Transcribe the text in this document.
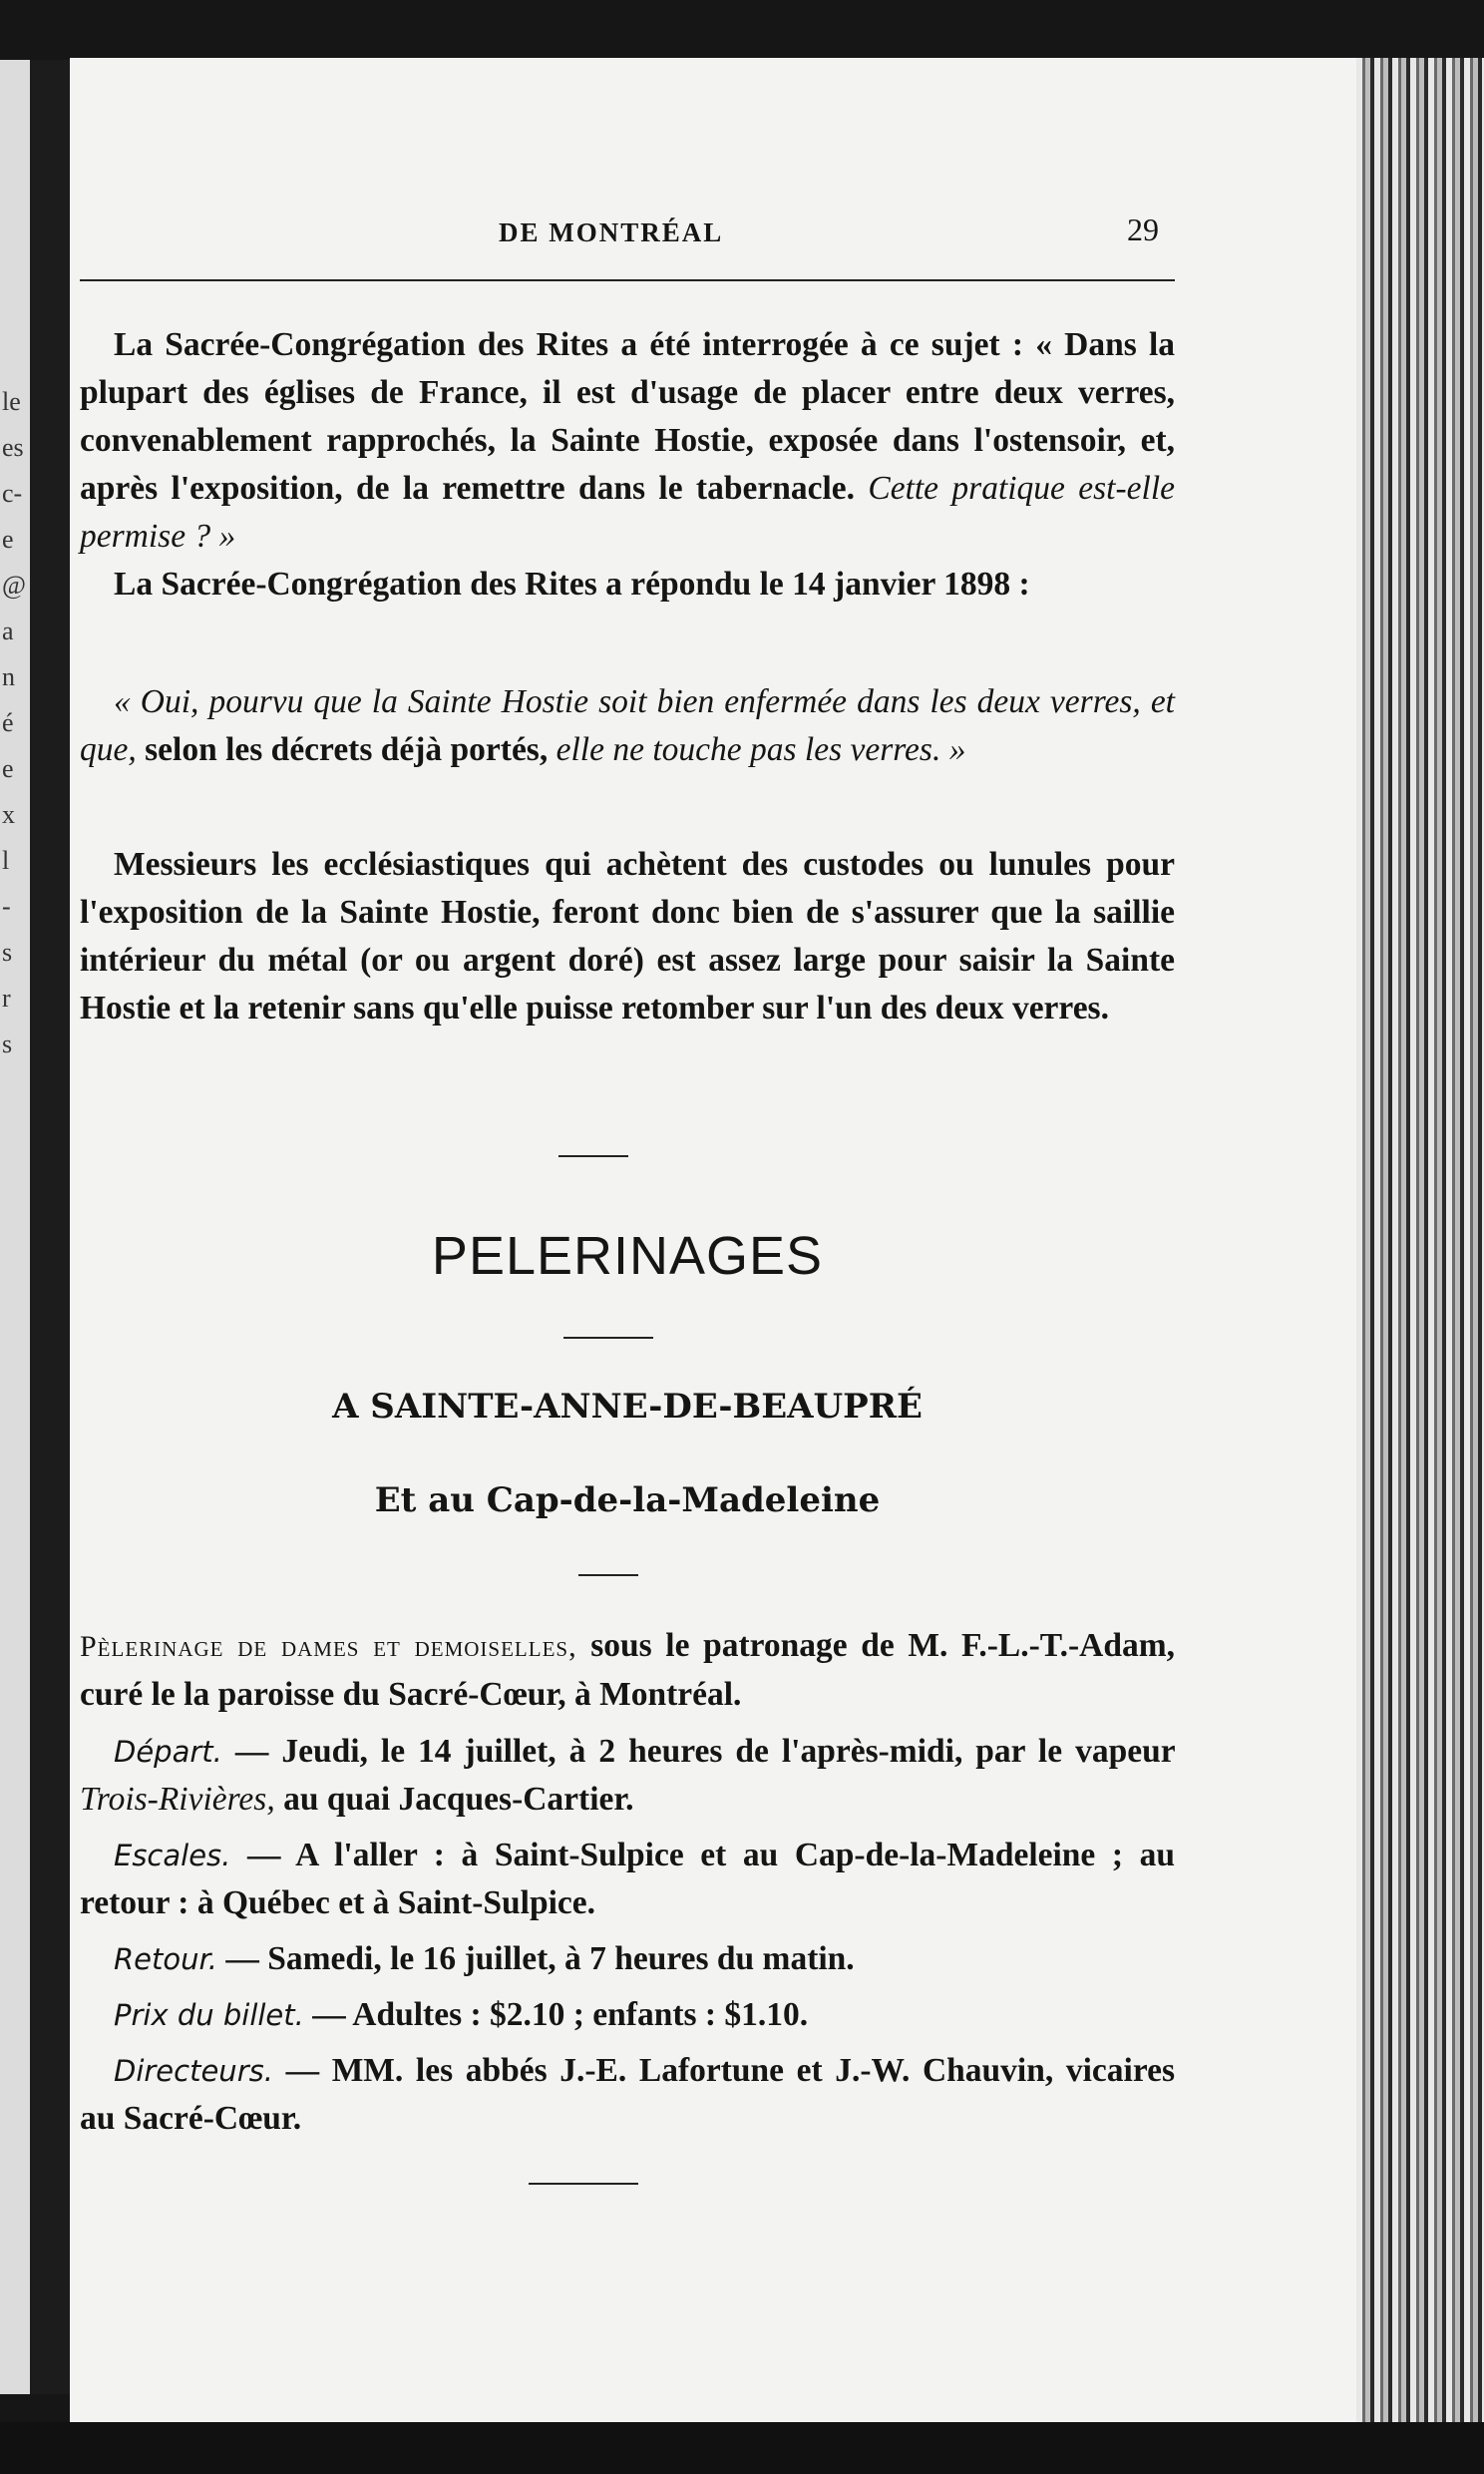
le
es
c-
e
@
a
n
é
e
x
l
-
s
r
s
DE MONTRÉAL	29

La Sacrée-Congrégation des Rites a été interrogée à ce sujet : « Dans la plupart des églises de France, il est d'usage de placer entre deux verres, convenablement rapprochés, la Sainte Hostie, exposée dans l'ostensoir, et, après l'exposition, de la remettre dans le tabernacle. Cette pratique est-elle permise ? »

La Sacrée-Congrégation des Rites a répondu le 14 janvier 1898 :

« Oui, pourvu que la Sainte Hostie soit bien enfermée dans les deux verres, et que, selon les décrets déjà portés, elle ne touche pas les verres. »

Messieurs les ecclésiastiques qui achètent des custodes ou lunules pour l'exposition de la Sainte Hostie, feront donc bien de s'assurer que la saillie intérieur du métal (or ou argent doré) est assez large pour saisir la Sainte Hostie et la retenir sans qu'elle puisse retomber sur l'un des deux verres.

PELERINAGES
A SAINTE-ANNE-DE-BEAUPRÉ
Et au Cap-de-la-Madeleine

Pèlerinage de dames et demoiselles, sous le patronage de M. F.-L.-T.-Adam, curé le la paroisse du Sacré-Cœur, à Montréal.

Départ. — Jeudi, le 14 juillet, à 2 heures de l'après-midi, par le vapeur Trois-Rivières, au quai Jacques-Cartier.

Escales. — A l'aller : à Saint-Sulpice et au Cap-de-la-Madeleine ; au retour : à Québec et à Saint-Sulpice.

Retour. — Samedi, le 16 juillet, à 7 heures du matin.

Prix du billet. — Adultes : $2.10 ; enfants : $1.10.

Directeurs. — MM. les abbés J.-E. Lafortune et J.-W. Chauvin, vicaires au Sacré-Cœur.
